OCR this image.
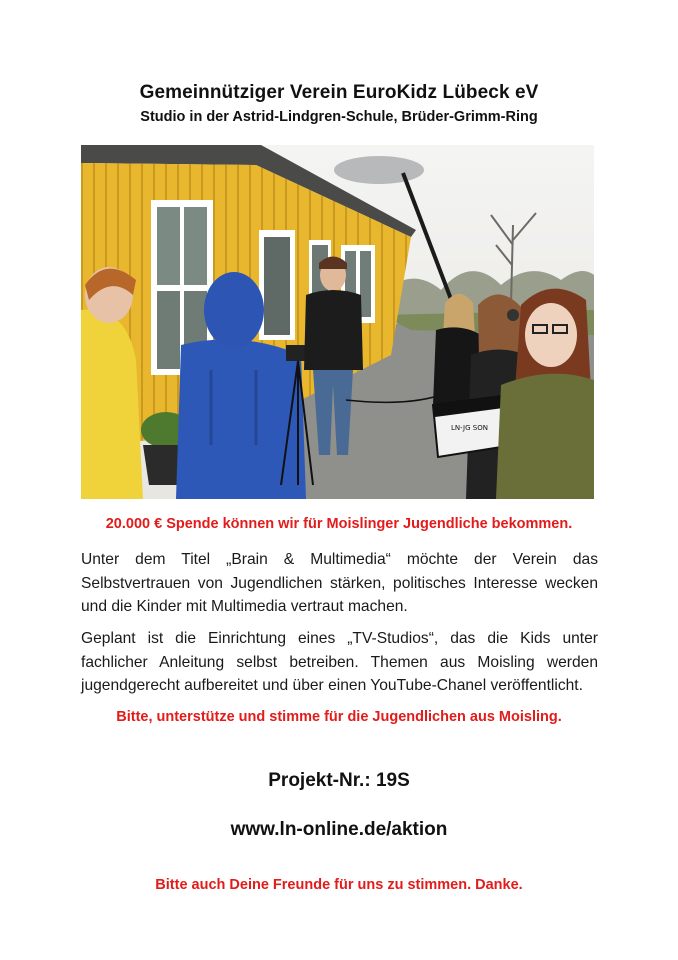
Gemeinnütziger Verein EuroKidz Lübeck eV
Studio in der Astrid-Lindgren-Schule, Brüder-Grimm-Ring
LN-JG SON
20.000 € Spende können wir für Moislinger Jugendliche bekommen.
Unter dem Titel „Brain & Multimedia“ möchte der Verein das Selbstvertrauen von Jugendlichen stärken, politisches Interesse wecken und die Kinder mit Multimedia vertraut machen.
Geplant ist die Einrichtung eines „TV-Studios“, das die Kids unter fachlicher Anleitung selbst betreiben. Themen aus Moisling werden jugendgerecht aufbereitet und über einen YouTube-Chanel veröffentlicht.
Bitte, unterstütze und stimme für die Jugendlichen aus Moisling.
Projekt-Nr.: 19S
www.ln-online.de/aktion
Bitte auch Deine Freunde für uns zu stimmen. Danke.
